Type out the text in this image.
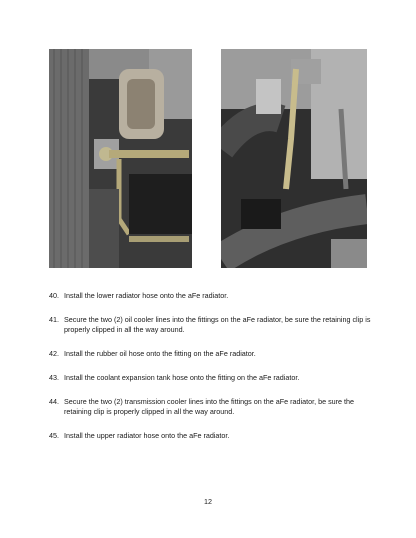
40. Install the lower radiator hose onto the aFe radiator.
41. Secure the two (2) oil cooler lines into the fittings on the aFe radiator, be sure the retaining clip is properly clipped in all the way around.
42. Install the rubber oil hose onto the fitting on the aFe radiator.
43. Install the coolant expansion tank hose onto the fitting on the aFe radiator.
44. Secure the two (2) transmission cooler lines into the fittings on the aFe radiator, be sure the retaining clip is properly clipped in all the way around.
45. Install the upper radiator hose onto the aFe radiator.
12
